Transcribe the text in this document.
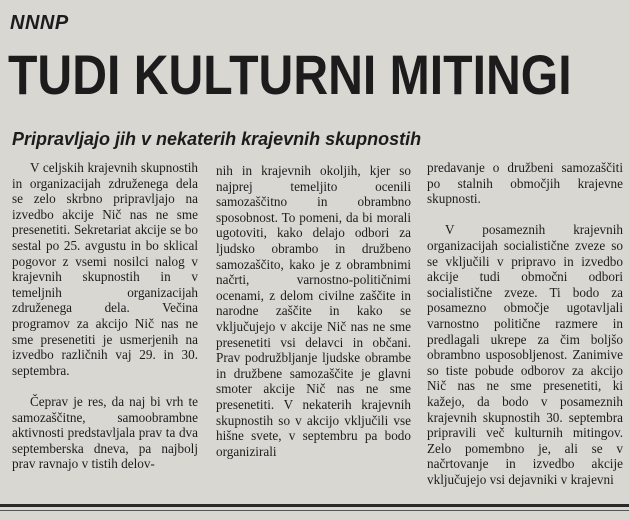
NNNP
TUDI KULTURNI MITINGI
Pripravljajo jih v nekaterih krajevnih skupnostih

V celjskih krajevnih skupnostih in organizacijah združenega dela se zelo skrbno pripravljajo na izvedbo akcije Nič nas ne sme presenetiti. Sekretariat akcije se bo sestal po 25. avgustu in bo sklical pogovor z vsemi nosilci nalog v krajevnih skupnostih in v temeljnih organizacijah združenega dela. Večina programov za akcijo Nič nas ne sme presenetiti je usmerjenih na izvedbo različnih vaj 29. in 30. septembra.

Čeprav je res, da naj bi vrh te samozaščitne, samoobrambne aktivnosti predstavljala prav ta dva septemberska dneva, pa najbolj prav ravnajo v tistih delov-

nih in krajevnih okoljih, kjer so najprej temeljito ocenili samozaščitno in obrambno sposobnost. To pomeni, da bi morali ugotoviti, kako delajo odbori za ljudsko obrambo in družbeno samozaščito, kako je z obrambnimi načrti, varnostno-političnimi ocenami, z delom civilne zaščite in narodne zaščite in kako se vključujejo v akcije Nič nas ne sme presenetiti vsi delavci in občani. Prav podružbljanje ljudske obrambe in družbene samozaščite je glavni smoter akcije Nič nas ne sme presenetiti. V nekaterih krajevnih skupnostih so v akcijo vključili vse hišne svete, v septembru pa bodo organizirali

predavanje o družbeni samozaščiti po stalnih območjih krajevne skupnosti.

V posameznih krajevnih organizacijah socialistične zveze so se vključili v pripravo in izvedbo akcije tudi območni odbori socialistične zveze. Ti bodo za posamezno območje ugotavljali varnostno politične razmere in predlagali ukrepe za čim boljšo obrambno usposobljenost. Zanimive so tiste pobude odborov za akcijo Nič nas ne sme presenetiti, ki kažejo, da bodo v posameznih krajevnih skupnostih 30. septembra pripravili več kulturnih mitingov. Zelo pomembno je, ali se v načrtovanje in izvedbo akcije vključujejo vsi dejavniki v krajevni
